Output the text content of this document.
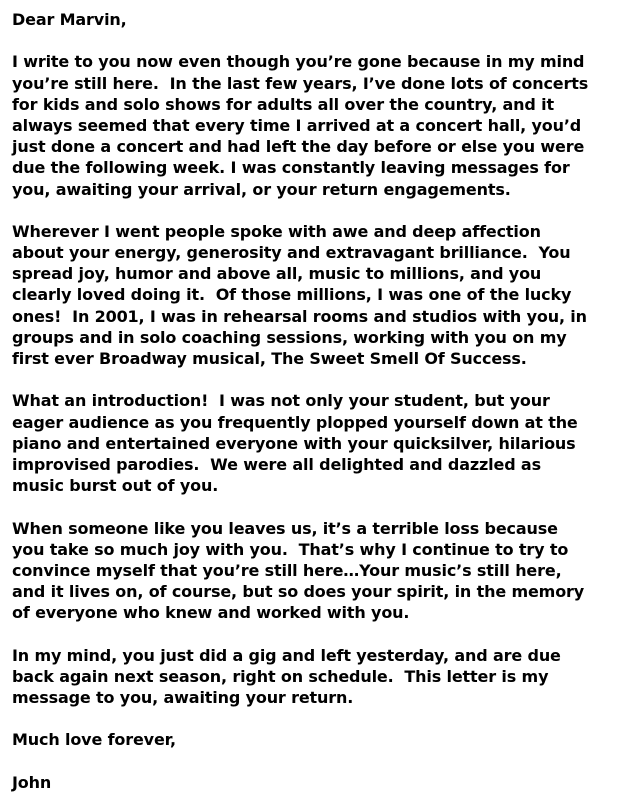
Dear Marvin,
I write to you now even though you’re gone because in my mind
you’re still here.  In the last few years, I’ve done lots of concerts
for kids and solo shows for adults all over the country, and it
always seemed that every time I arrived at a concert hall, you’d
just done a concert and had left the day before or else you were
due the following week. I was constantly leaving messages for
you, awaiting your arrival, or your return engagements.
Wherever I went people spoke with awe and deep affection
about your energy, generosity and extravagant brilliance.  You
spread joy, humor and above all, music to millions, and you
clearly loved doing it.  Of those millions, I was one of the lucky
ones!  In 2001, I was in rehearsal rooms and studios with you, in
groups and in solo coaching sessions, working with you on my
first ever Broadway musical, The Sweet Smell Of Success.
What an introduction!  I was not only your student, but your
eager audience as you frequently plopped yourself down at the
piano and entertained everyone with your quicksilver, hilarious
improvised parodies.  We were all delighted and dazzled as
music burst out of you.
When someone like you leaves us, it’s a terrible loss because
you take so much joy with you.  That’s why I continue to try to
convince myself that you’re still here…Your music’s still here,
and it lives on, of course, but so does your spirit, in the memory
of everyone who knew and worked with you.
In my mind, you just did a gig and left yesterday, and are due
back again next season, right on schedule.  This letter is my
message to you, awaiting your return.
Much love forever,
John
